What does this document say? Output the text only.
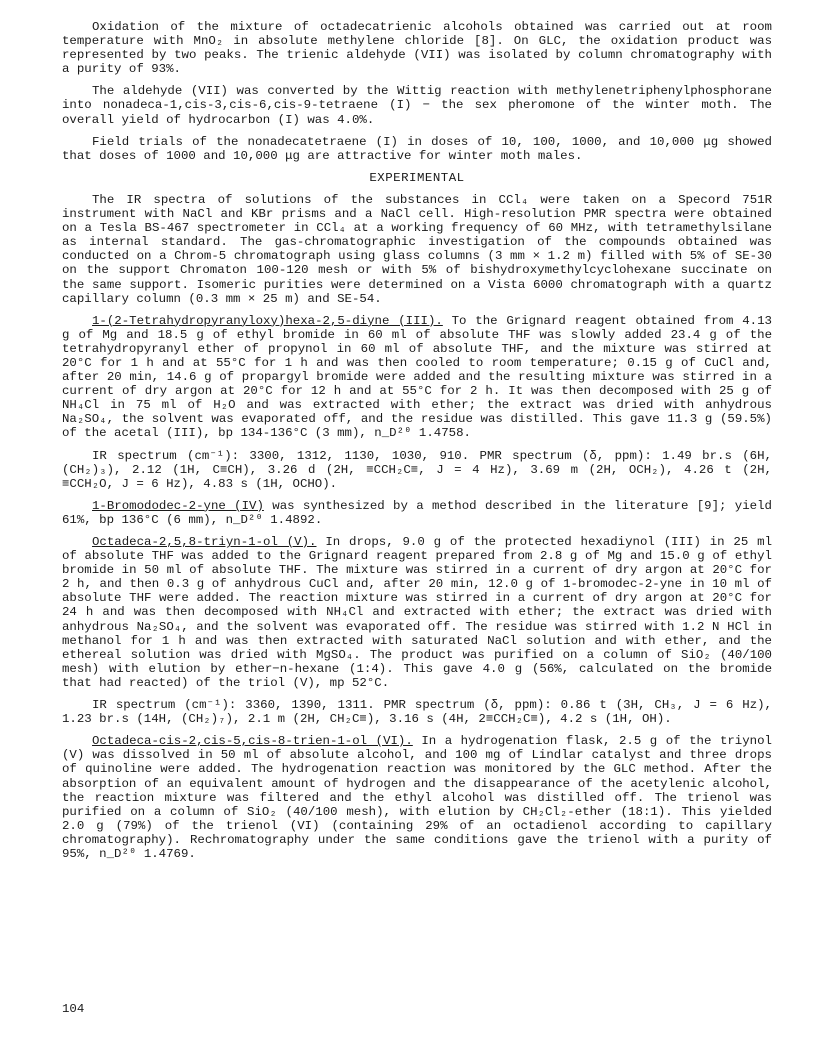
Oxidation of the mixture of octadecatrienic alcohols obtained was carried out at room temperature with MnO₂ in absolute methylene chloride [8]. On GLC, the oxidation product was represented by two peaks. The trienic aldehyde (VII) was isolated by column chromatography with a purity of 93%.

The aldehyde (VII) was converted by the Wittig reaction with methylenetriphenylphosphorane into nonadeca-1,cis-3,cis-6,cis-9-tetraene (I) − the sex pheromone of the winter moth. The overall yield of hydrocarbon (I) was 4.0%.

Field trials of the nonadecatetraene (I) in doses of 10, 100, 1000, and 10,000 μg showed that doses of 1000 and 10,000 μg are attractive for winter moth males.

EXPERIMENTAL

The IR spectra of solutions of the substances in CCl₄ were taken on a Specord 751R instrument with NaCl and KBr prisms and a NaCl cell. High-resolution PMR spectra were obtained on a Tesla BS-467 spectrometer in CCl₄ at a working frequency of 60 MHz, with tetramethylsilane as internal standard. The gas-chromatographic investigation of the compounds obtained was conducted on a Chrom-5 chromatograph using glass columns (3 mm × 1.2 m) filled with 5% of SE-30 on the support Chromaton 100-120 mesh or with 5% of bishydroxymethylcyclohexane succinate on the same support. Isomeric purities were determined on a Vista 6000 chromatograph with a quartz capillary column (0.3 mm × 25 m) and SE-54.

1-(2-Tetrahydropyranyloxy)hexa-2,5-diyne (III). To the Grignard reagent obtained from 4.13 g of Mg and 18.5 g of ethyl bromide in 60 ml of absolute THF was slowly added 23.4 g of the tetrahydropyranyl ether of propynol in 60 ml of absolute THF, and the mixture was stirred at 20°C for 1 h and at 55°C for 1 h and was then cooled to room temperature; 0.15 g of CuCl and, after 20 min, 14.6 g of propargyl bromide were added and the resulting mixture was stirred in a current of dry argon at 20°C for 12 h and at 55°C for 2 h. It was then decomposed with 25 g of NH₄Cl in 75 ml of H₂O and was extracted with ether; the extract was dried with anhydrous Na₂SO₄, the solvent was evaporated off, and the residue was distilled. This gave 11.3 g (59.5%) of the acetal (III), bp 134-136°C (3 mm), n_D²⁰ 1.4758.

IR spectrum (cm⁻¹): 3300, 1312, 1130, 1030, 910. PMR spectrum (δ, ppm): 1.49 br.s (6H, (CH₂)₃), 2.12 (1H, C≡CH), 3.26 d (2H, ≡CCH₂C≡, J = 4 Hz), 3.69 m (2H, OCH₂), 4.26 t (2H, ≡CCH₂O, J = 6 Hz), 4.83 s (1H, OCHO).

1-Bromododec-2-yne (IV) was synthesized by a method described in the literature [9]; yield 61%, bp 136°C (6 mm), n_D²⁰ 1.4892.

Octadeca-2,5,8-triyn-1-ol (V). In drops, 9.0 g of the protected hexadiynol (III) in 25 ml of absolute THF was added to the Grignard reagent prepared from 2.8 g of Mg and 15.0 g of ethyl bromide in 50 ml of absolute THF. The mixture was stirred in a current of dry argon at 20°C for 2 h, and then 0.3 g of anhydrous CuCl and, after 20 min, 12.0 g of 1-bromodec-2-yne in 10 ml of absolute THF were added. The reaction mixture was stirred in a current of dry argon at 20°C for 24 h and was then decomposed with NH₄Cl and extracted with ether; the extract was dried with anhydrous Na₂SO₄, and the solvent was evaporated off. The residue was stirred with 1.2 N HCl in methanol for 1 h and was then extracted with saturated NaCl solution and with ether, and the ethereal solution was dried with MgSO₄. The product was purified on a column of SiO₂ (40/100 mesh) with elution by ether−n-hexane (1:4). This gave 4.0 g (56%, calculated on the bromide that had reacted) of the triol (V), mp 52°C.

IR spectrum (cm⁻¹): 3360, 1390, 1311. PMR spectrum (δ, ppm): 0.86 t (3H, CH₃, J = 6 Hz), 1.23 br.s (14H, (CH₂)₇), 2.1 m (2H, CH₂C≡), 3.16 s (4H, 2≡CCH₂C≡), 4.2 s (1H, OH).

Octadeca-cis-2,cis-5,cis-8-trien-1-ol (VI). In a hydrogenation flask, 2.5 g of the triynol (V) was dissolved in 50 ml of absolute alcohol, and 100 mg of Lindlar catalyst and three drops of quinoline were added. The hydrogenation reaction was monitored by the GLC method. After the absorption of an equivalent amount of hydrogen and the disappearance of the acetylenic alcohol, the reaction mixture was filtered and the ethyl alcohol was distilled off. The trienol was purified on a column of SiO₂ (40/100 mesh), with elution by CH₂Cl₂-ether (18:1). This yielded 2.0 g (79%) of the trienol (VI) (containing 29% of an octadienol according to capillary chromatography). Rechromatography under the same conditions gave the trienol with a purity of 95%, n_D²⁰ 1.4769.

104
